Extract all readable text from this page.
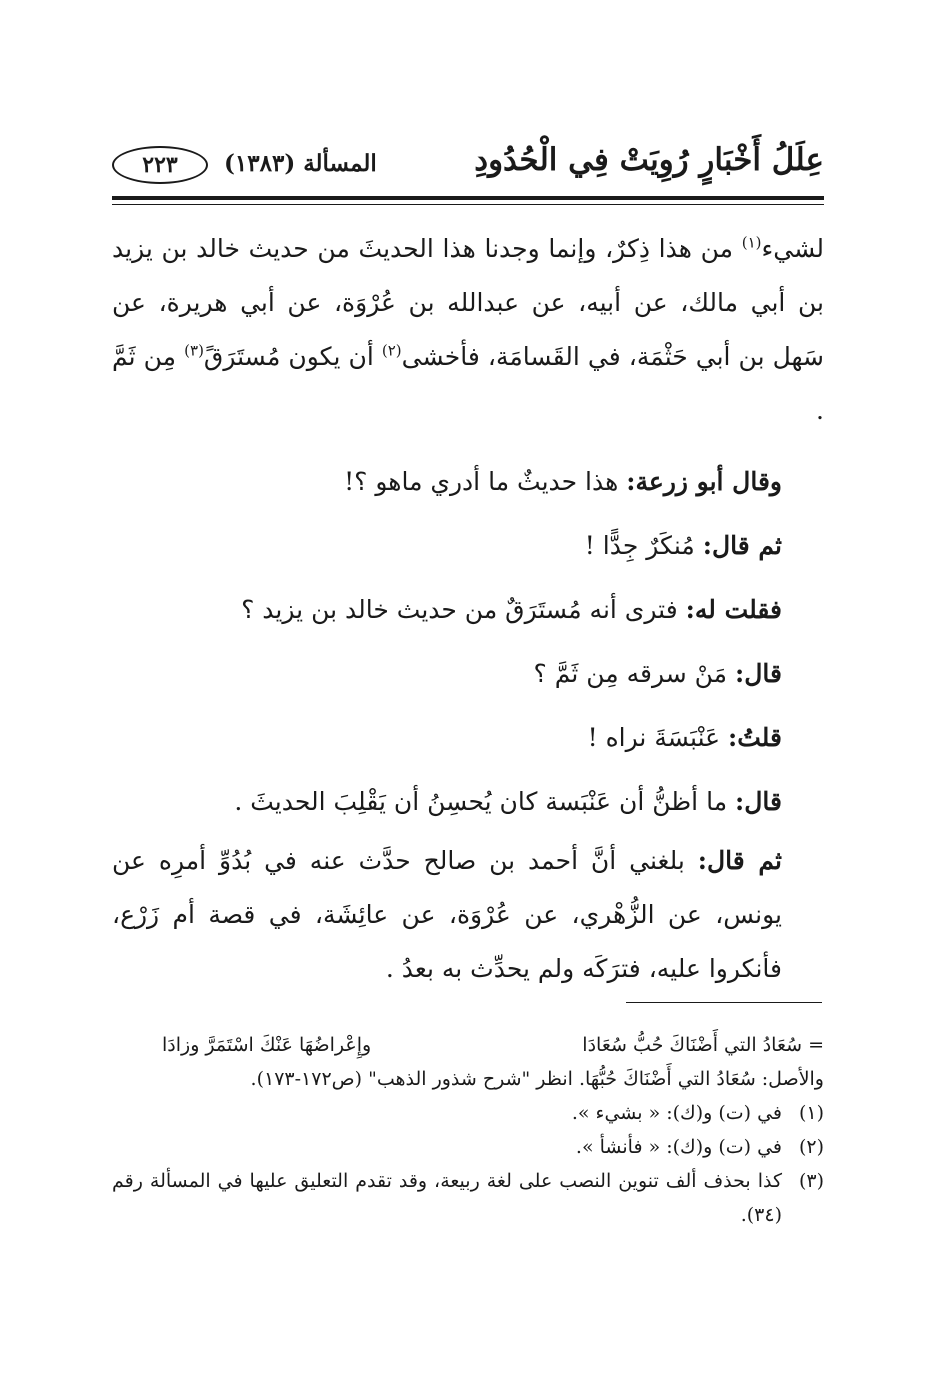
عِلَلُ أَخْبَارٍ رُوِيَتْ فِي الْحُدُودِ
المسألة (١٣٨٣)
٢٢٣

لشيء$^{(١)}$ من هذا ذِكرٌ، وإنما وجدنا هذا الحديثَ من حديث خالد بن يزيد بن أبي مالك، عن أبيه، عن عبدالله بن عُرْوَة، عن أبي هريرة، عن سَهل بن أبي حَثْمَة، في القَسامَة، فأخشى$^{(٢)}$ أن يكون مُستَرَقً$^{(٣)}$ مِن ثَمَّ .

وقال أبو زرعة: هذا حديثٌ ما أدري ماهو ؟!

ثم قال: مُنكَرٌ جِدًّا !

فقلت له: فترى أنه مُستَرَقٌ من حديث خالد بن يزيد ؟

قال: مَنْ سرقه مِن ثَمَّ ؟

قلتُ: عَنْبَسَةَ نراه !

قال: ما أظنُّ أن عَنْبَسة كان يُحسِنُ أن يَقْلِبَ الحديثَ .

ثم قال: بلغني أنَّ أحمد بن صالح حدَّث عنه في بُدُوِّ أمرِه عن يونس، عن الزُّهْري، عن عُرْوَة، عن عائِشَة، في قصة أم زَرْع، فأنكروا عليه، فترَكَه ولم يحدِّث به بعدُ .

= سُعَادُ التي أَضْنَاكَ حُبُّ سُعَادَا
وإِعْراضُهَا عَنْكَ اسْتَمَرَّ وزادَا

والأصل: سُعَادُ التي أَضْنَاكَ حُبُّهَا. انظر "شرح شذور الذهب" (ص١٧٢-١٧٣).

(١)
في (ت) و(ك): « بشيء ».
(٢)
في (ت) و(ك): « فأنشأ ».
(٣)
كذا بحذف ألف تنوين النصب على لغة ربيعة، وقد تقدم التعليق عليها في المسألة رقم (٣٤).
